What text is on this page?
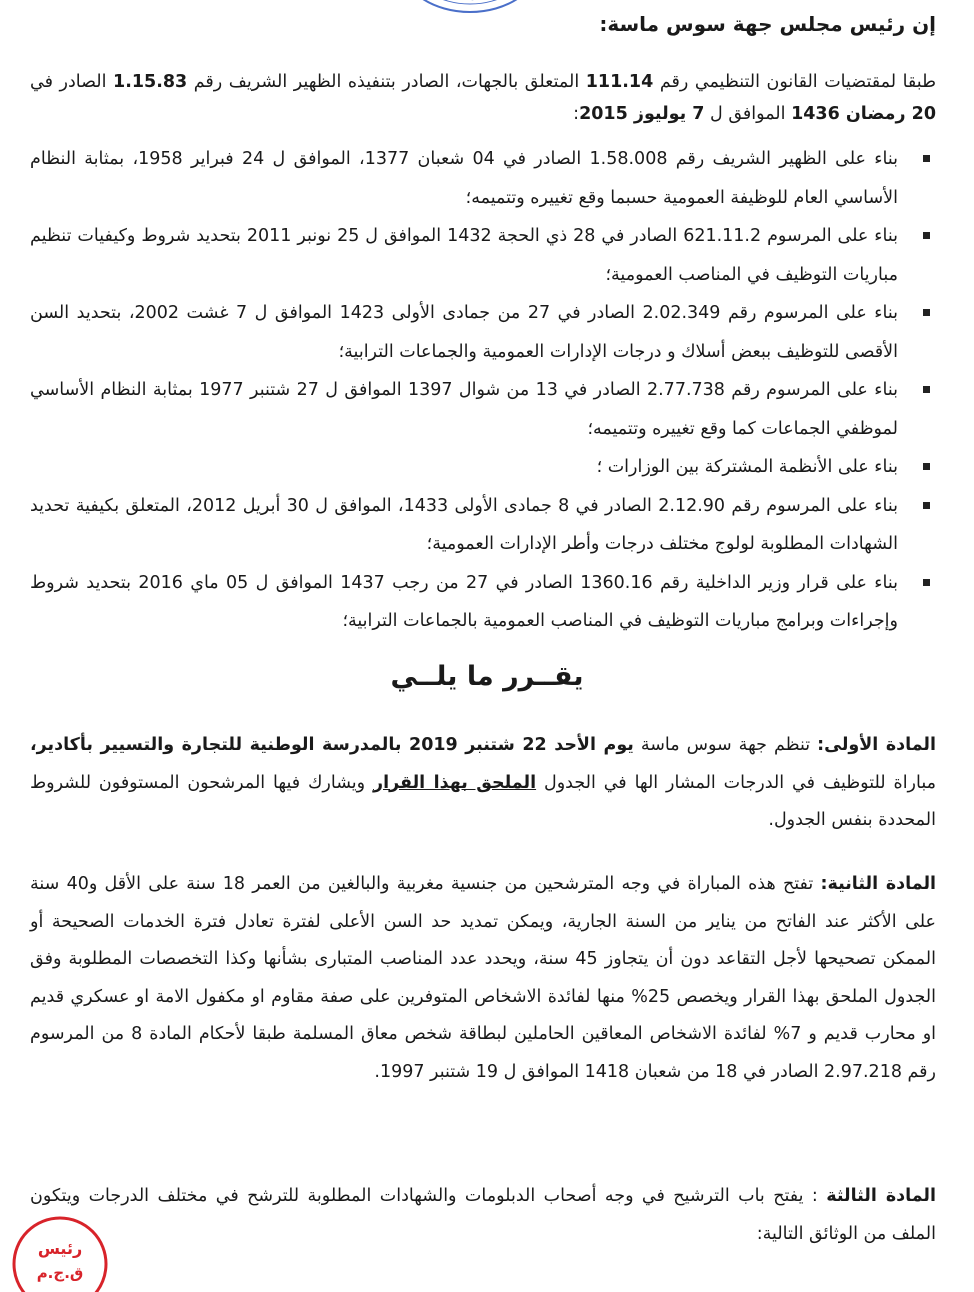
إن رئيس مجلس جهة سوس ماسة:
طبقا لمقتضيات القانون التنظيمي رقم 111.14 المتعلق بالجهات، الصادر بتنفيذه الظهير الشريف رقم 1.15.83 الصادر في 20 رمضان 1436 الموافق ل 7 يوليوز 2015:
بناء على الظهير الشريف رقم 1.58.008 الصادر في 04 شعبان 1377، الموافق ل 24 فبراير 1958، بمثابة النظام الأساسي العام للوظيفة العمومية حسبما وقع تغييره وتتميمه؛
بناء على المرسوم 621.11.2 الصادر في 28 ذي الحجة 1432 الموافق ل 25 نونبر 2011 بتحديد شروط وكيفيات تنظيم مباريات التوظيف في المناصب العمومية؛
بناء على المرسوم رقم 2.02.349 الصادر في 27 من جمادى الأولى 1423 الموافق ل 7 غشت 2002، بتحديد السن الأقصى للتوظيف ببعض أسلاك و درجات الإدارات العمومية والجماعات الترابية؛
بناء على المرسوم رقم 2.77.738 الصادر في 13 من شوال 1397 الموافق ل 27 شتنبر 1977 بمثابة النظام الأساسي لموظفي الجماعات كما وقع تغييره وتتميمه؛
بناء على الأنظمة المشتركة بين الوزارات ؛
بناء على المرسوم رقم 2.12.90 الصادر في 8 جمادى الأولى 1433، الموافق ل 30 أبريل 2012، المتعلق بكيفية تحديد الشهادات المطلوبة لولوج مختلف درجات وأطر الإدارات العمومية؛
بناء على قرار وزير الداخلية رقم 1360.16 الصادر في 27 من رجب 1437 الموافق ل 05 ماي 2016 بتحديد شروط وإجراءات وبرامج مباريات التوظيف في المناصب العمومية بالجماعات الترابية؛
يقــرر ما يلــي
المادة الأولى: تنظم جهة سوس ماسة يوم الأحد 22 شتنبر 2019 بالمدرسة الوطنية للتجارة والتسيير بأكادير، مباراة للتوظيف في الدرجات المشار الها في الجدول الملحق بهذا القرار ويشارك فيها المرشحون المستوفون للشروط المحددة بنفس الجدول.
المادة الثانية: تفتح هذه المباراة في وجه المترشحين من جنسية مغربية والبالغين من العمر 18 سنة على الأقل و40 سنة على الأكثر عند الفاتح من يناير من السنة الجارية، ويمكن تمديد حد السن الأعلى لفترة تعادل فترة الخدمات الصحيحة أو الممكن تصحيحها لأجل التقاعد دون أن يتجاوز 45 سنة، ويحدد عدد المناصب المتبارى بشأنها وكذا التخصصات المطلوبة وفق الجدول الملحق بهذا القرار ويخصص 25% منها لفائدة الاشخاص المتوفرين على صفة مقاوم او مكفول الامة او عسكري قديم او محارب قديم و 7% لفائدة الاشخاص المعاقين الحاملين لبطاقة شخص معاق المسلمة طبقا لأحكام المادة 8 من المرسوم رقم 2.97.218 الصادر في 18 من شعبان 1418 الموافق ل 19 شتنبر 1997.
المادة الثالثة : يفتح باب الترشيح في وجه أصحاب الدبلومات والشهادات المطلوبة للترشح في مختلف الدرجات ويتكون الملف من الوثائق التالية:
رئيس
ق.ج.م
